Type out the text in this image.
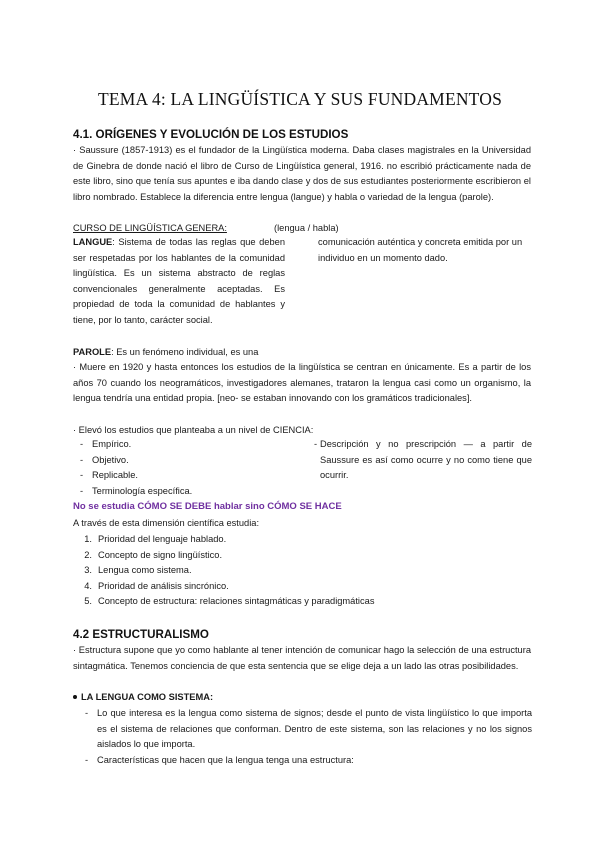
TEMA 4: LA LINGÜÍSTICA Y SUS FUNDAMENTOS
4.1. ORÍGENES Y EVOLUCIÓN DE LOS ESTUDIOS

· Saussure (1857-1913) es el fundador de la Lingüística moderna. Daba clases magistrales en la Universidad de Ginebra de donde nació el libro de Curso de Lingüística general, 1916. no escribió prácticamente nada de este libro, sino que tenía sus apuntes e iba dando clase y dos de sus estudiantes posteriormente escribieron el libro nombrado. Establece la diferencia entre lengua (langue) y habla o variedad de la lengua (parole).

CURSO DE LINGÜÍSTICA GENERA:	(lengua / habla)

LANGUE: Sistema de todas las reglas que deben ser respetadas por los hablantes de la comunidad lingüística. Es un sistema abstracto de reglas convencionales generalmente aceptadas. Es propiedad de toda la comunidad de hablantes y tiene, por lo tanto, carácter social.

PAROLE: Es un fenómeno individual, es una

comunicación auténtica y concreta emitida por un individuo en un momento dado.

· Muere en 1920 y hasta entonces los estudios de la lingüística se centran en únicamente. Es a partir de los años 70 cuando los neogramáticos, investigadores alemanes, trataron la lengua casi como un organismo, la lengua tendría una entidad propia. [neo- se estaban innovando con los gramáticos tradicionales].

· Elevó los estudios que planteaba a un nivel de CIENCIA:
- Empírico.
- Objetivo.
- Replicable.
- Terminología específica.
- Descripción y no prescripción — a partir de Saussure es así como ocurre y no como tiene que ocurrir.
No se estudia CÓMO SE DEBE hablar sino CÓMO SE HACE
A través de esta dimensión científica estudia:
1. Prioridad del lenguaje hablado.
2. Concepto de signo lingüístico.
3. Lengua como sistema.
4. Prioridad de análisis sincrónico.
5. Concepto de estructura: relaciones sintagmáticas y paradigmáticas
4.2 ESTRUCTURALISMO

· Estructura supone que yo como hablante al tener intención de comunicar hago la selección de una estructura sintagmática. Tenemos conciencia de que esta sentencia que se elige deja a un lado las otras posibilidades.

LA LENGUA COMO SISTEMA:
- Lo que interesa es la lengua como sistema de signos; desde el punto de vista lingüístico lo que importa es el sistema de relaciones que conforman. Dentro de este sistema, son las relaciones y no los signos aislados lo que importa.
- Características que hacen que la lengua tenga una estructura:
